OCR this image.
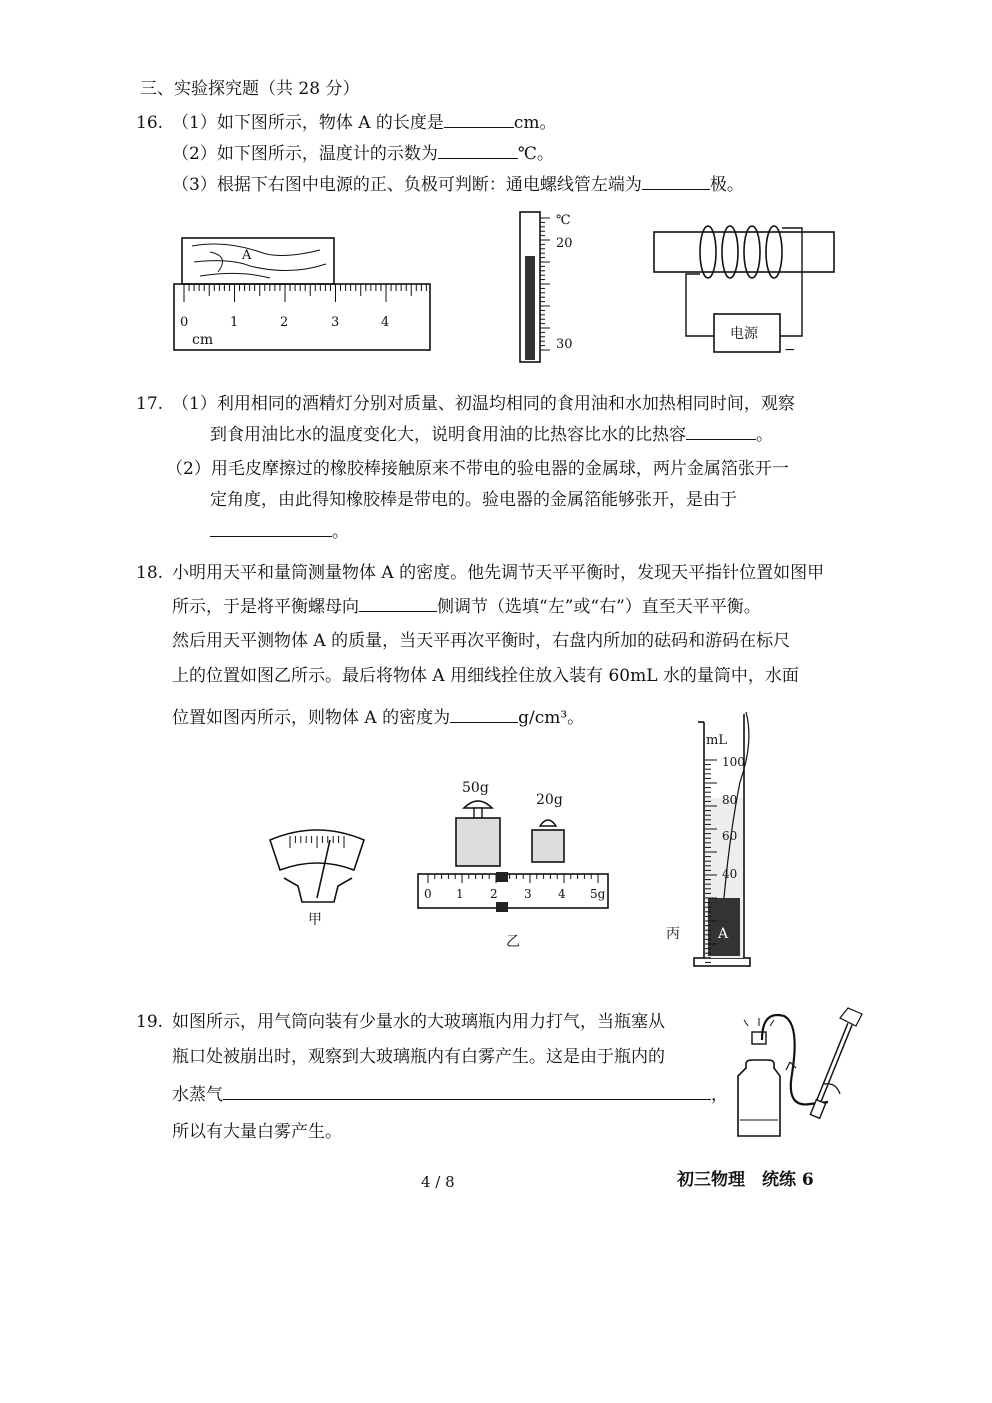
三、实验探究题（共 28 分）
16. （1）如下图所示，物体 A 的长度是	cm。
（2）如下图所示，温度计的示数为	℃。
（3）根据下右图中电源的正、负极可判断：通电螺线管左端为	极。
A
0	1	2	3	4
cm
℃
20
30
电源
−
17. （1）利用相同的酒精灯分别对质量、初温均相同的食用油和水加热相同时间，观察
到食用油比水的温度变化大，说明食用油的比热容比水的比热容	。
（2）用毛皮摩擦过的橡胶棒接触原来不带电的验电器的金属球，两片金属箔张开一
定角度，由此得知橡胶棒是带电的。验电器的金属箔能够张开，是由于
。
18. 小明用天平和量筒测量物体 A 的密度。他先调节天平平衡时，发现天平指针位置如图甲
所示，于是将平衡螺母向	侧调节（选填“左”或“右”）直至天平平衡。
然后用天平测物体 A 的质量，当天平再次平衡时，右盘内所加的砝码和游码在标尺
上的位置如图乙所示。最后将物体 A 用细线拴住放入装有 60mL 水的量筒中，水面
位置如图丙所示，则物体 A 的密度为	g/cm³。
甲
50g
20g
0 1 2 3 4 5g
乙	A
mL
100
80
60
40
丙
19. 如图所示，用气筒向装有少量水的大玻璃瓶内用力打气，当瓶塞从
瓶口处被崩出时，观察到大玻璃瓶内有白雾产生。这是由于瓶内的
水蒸气	，
所以有大量白雾产生。
4 / 8	初三物理　统练 6
